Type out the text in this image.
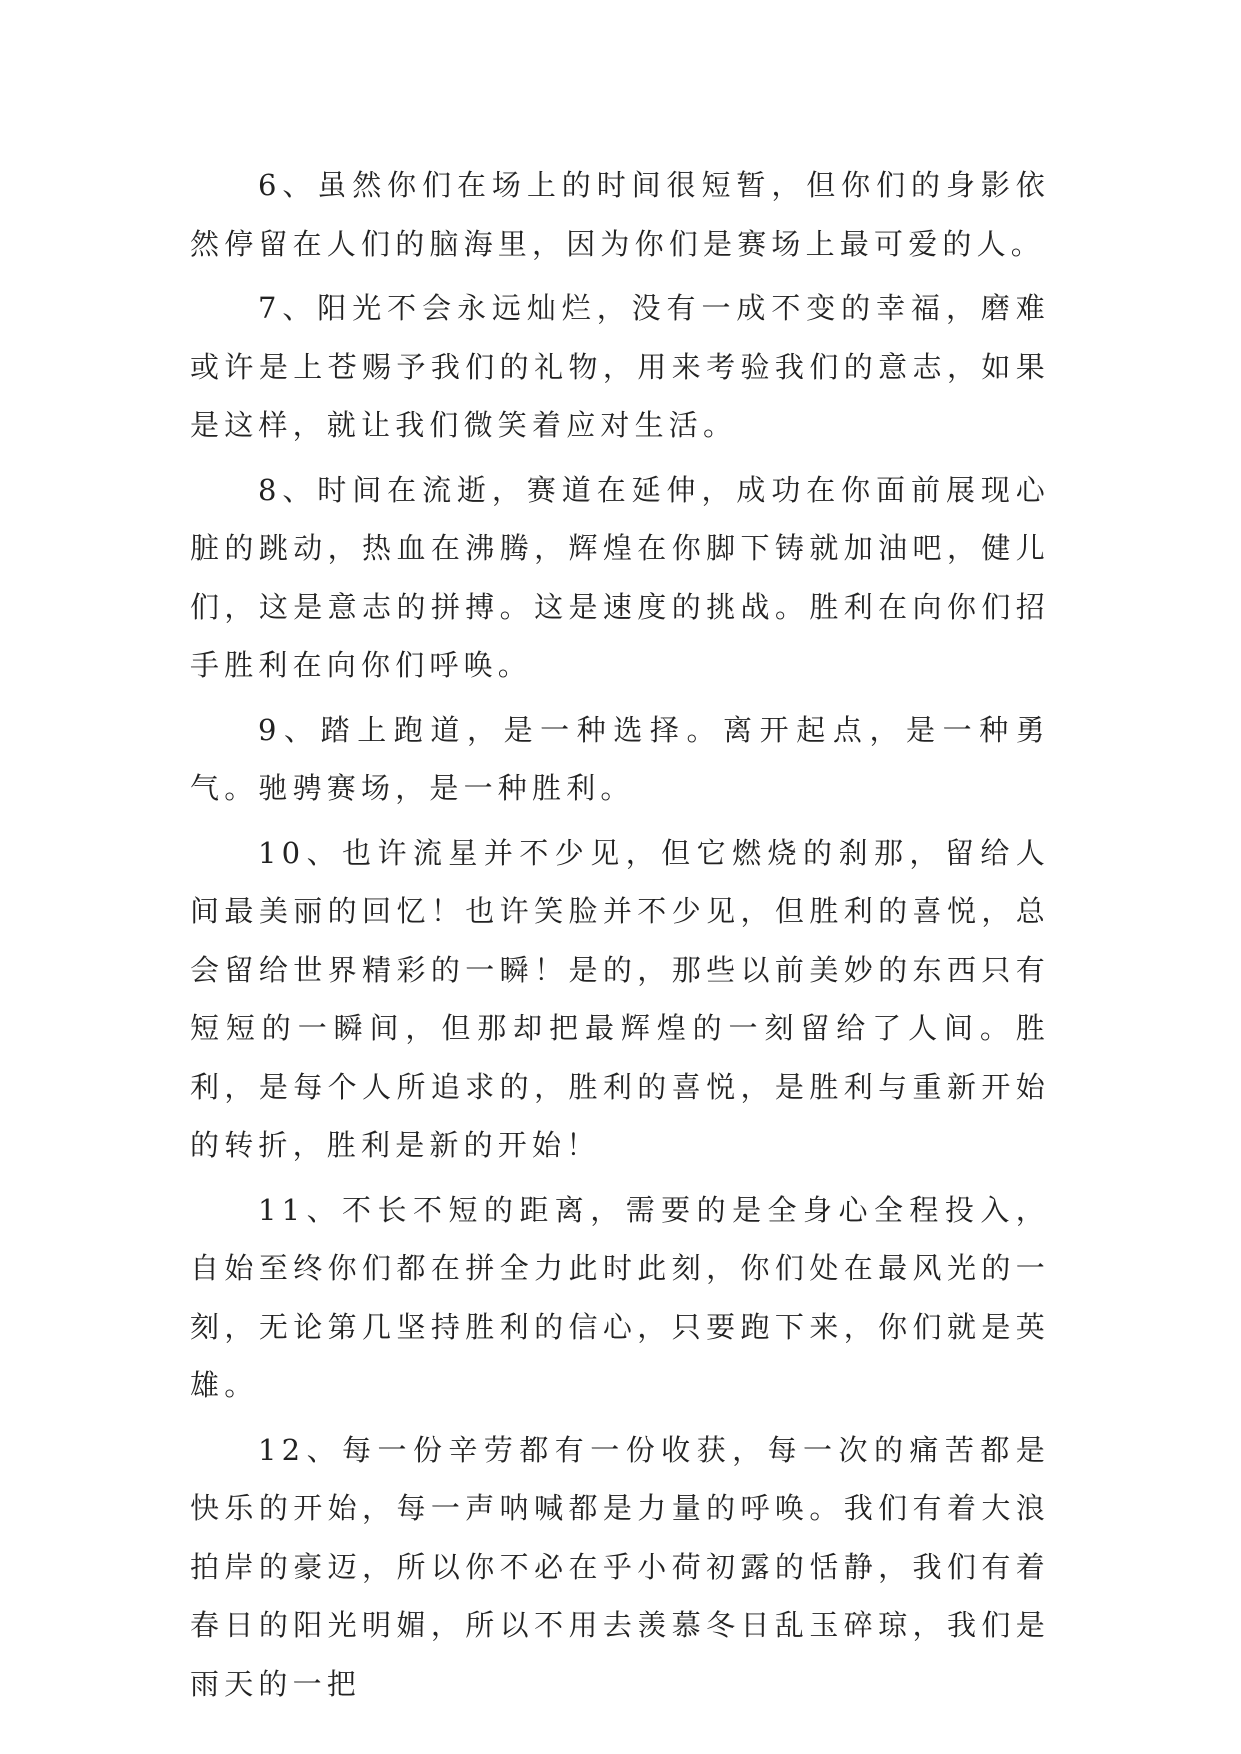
6、虽然你们在场上的时间很短暂，但你们的身影依然停留在人们的脑海里，因为你们是赛场上最可爱的人。

7、阳光不会永远灿烂，没有一成不变的幸福，磨难或许是上苍赐予我们的礼物，用来考验我们的意志，如果是这样，就让我们微笑着应对生活。

8、时间在流逝，赛道在延伸，成功在你面前展现心脏的跳动，热血在沸腾，辉煌在你脚下铸就加油吧，健儿们，这是意志的拼搏。这是速度的挑战。胜利在向你们招手胜利在向你们呼唤。

9、踏上跑道，是一种选择。离开起点，是一种勇气。驰骋赛场，是一种胜利。

10、也许流星并不少见，但它燃烧的刹那，留给人间最美丽的回忆！也许笑脸并不少见，但胜利的喜悦，总会留给世界精彩的一瞬！是的，那些以前美妙的东西只有短短的一瞬间，但那却把最辉煌的一刻留给了人间。胜利，是每个人所追求的，胜利的喜悦，是胜利与重新开始的转折，胜利是新的开始！

11、不长不短的距离，需要的是全身心全程投入，自始至终你们都在拼全力此时此刻，你们处在最风光的一刻，无论第几坚持胜利的信心，只要跑下来，你们就是英雄。

12、每一份辛劳都有一份收获，每一次的痛苦都是快乐的开始，每一声呐喊都是力量的呼唤。我们有着大浪拍岸的豪迈，所以你不必在乎小荷初露的恬静，我们有着春日的阳光明媚，所以不用去羡慕冬日乱玉碎琼，我们是雨天的一把
